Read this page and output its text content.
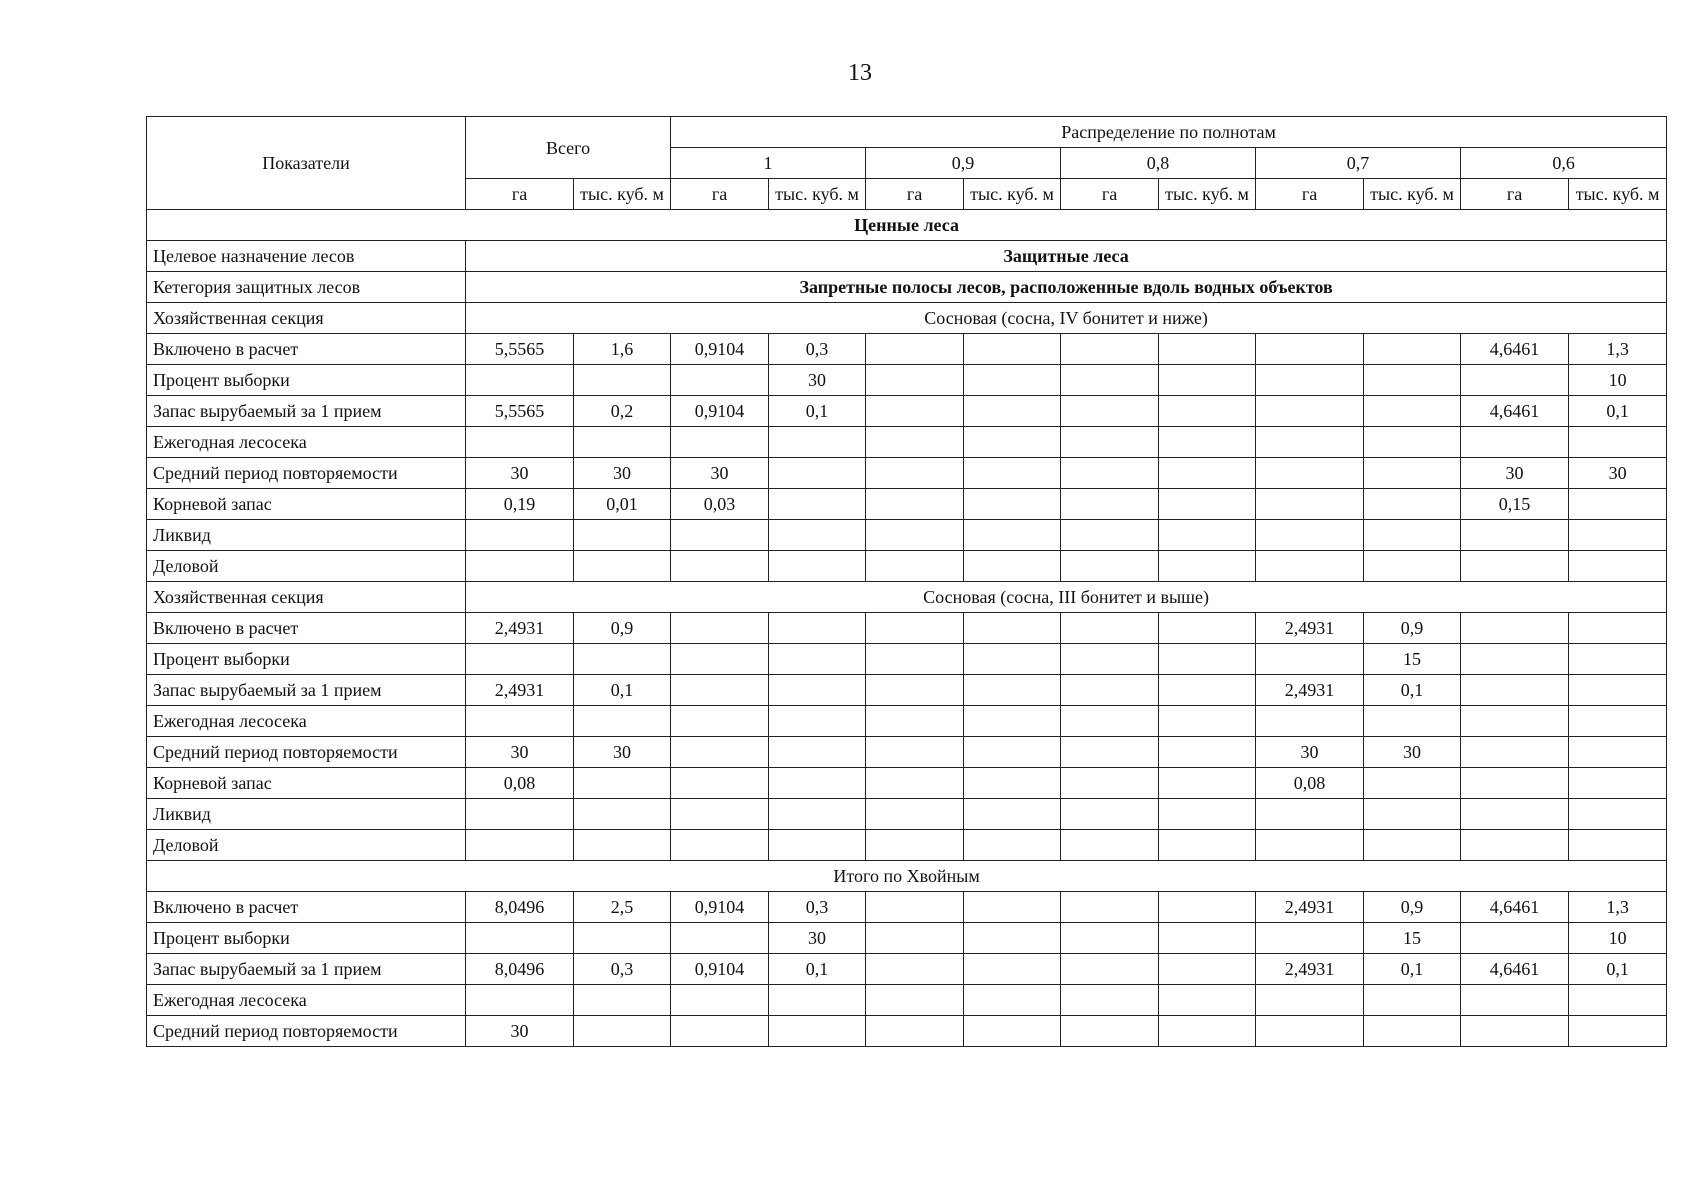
13
Показатели	Всего		Распределение по полнотам									
			1		0,9		0,8		0,7		0,6	
	га	тыс. куб. м	га	тыс. куб. м	га	тыс. куб. м	га	тыс. куб. м	га	тыс. куб. м	га	тыс. куб. м
Ценные леса												
Целевое назначение лесов	Защитные леса											
Кетегория защитных лесов	Запретные полосы лесов, расположенные вдоль водных объектов											
Хозяйственная секция	Сосновая (сосна, IV бонитет и ниже)											
Включено в расчет	5,5565	1,6	0,9104	0,3							4,6461	1,3
Процент выборки				30								10
Запас вырубаемый за 1 прием	5,5565	0,2	0,9104	0,1							4,6461	0,1
Ежегодная лесосека												
Средний период повторяемости	30	30	30								30	30
Корневой запас	0,19	0,01	0,03								0,15	
Ликвид												
Деловой												
Хозяйственная секция	Сосновая (сосна, III бонитет и выше)											
Включено в расчет	2,4931	0,9							2,4931	0,9		
Процент выборки										15		
Запас вырубаемый за 1 прием	2,4931	0,1							2,4931	0,1		
Ежегодная лесосека												
Средний период повторяемости	30	30							30	30		
Корневой запас	0,08								0,08			
Ликвид												
Деловой												
Итого по Хвойным												
Включено в расчет	8,0496	2,5	0,9104	0,3					2,4931	0,9	4,6461	1,3
Процент выборки				30						15		10
Запас вырубаемый за 1 прием	8,0496	0,3	0,9104	0,1					2,4931	0,1	4,6461	0,1
Ежегодная лесосека												
Средний период повторяемости	30											
